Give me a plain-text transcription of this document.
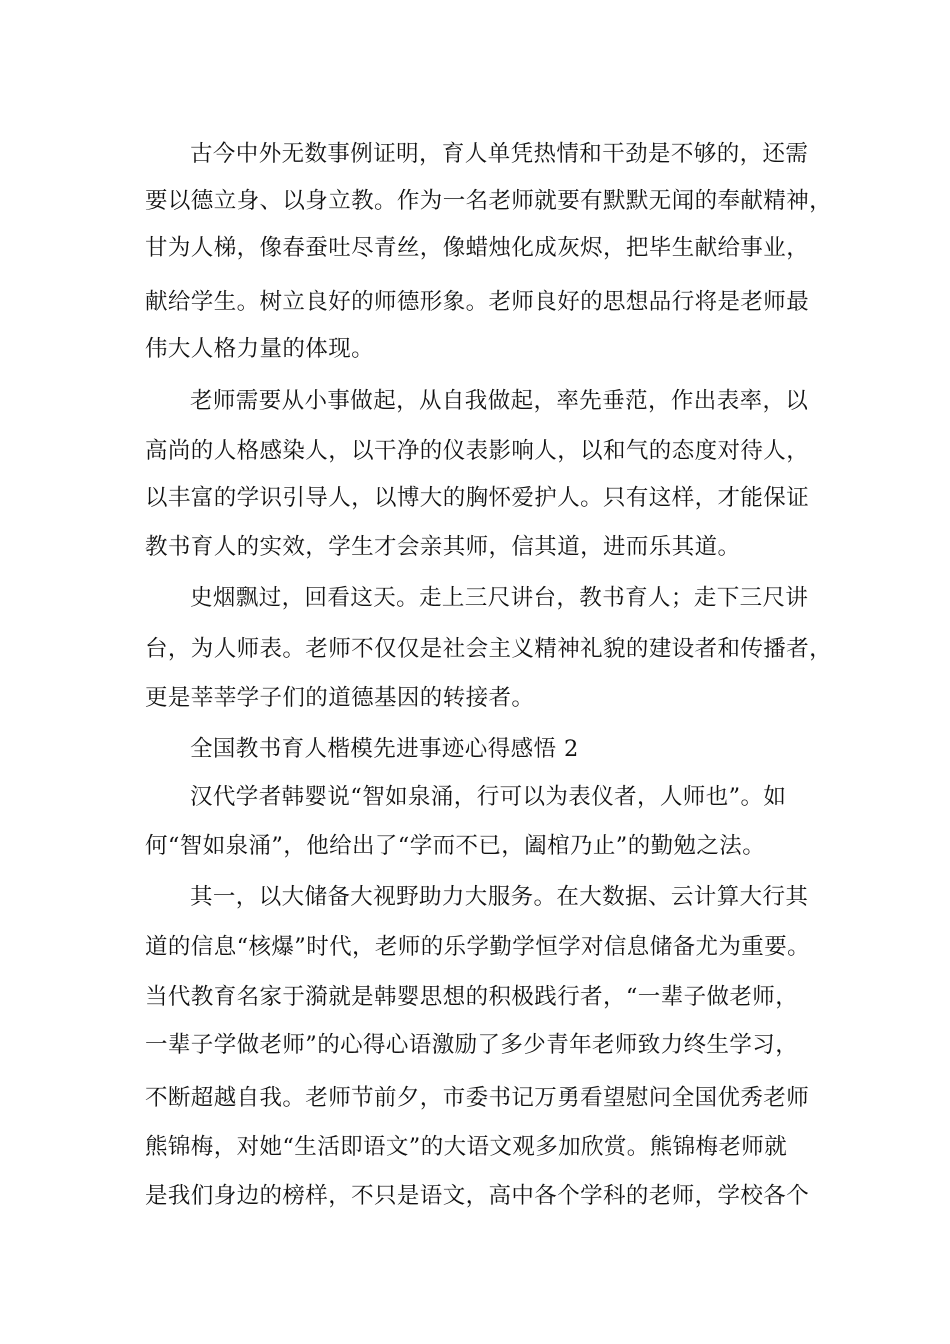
古今中外无数事例证明，育人单凭热情和干劲是不够的，还需
要以德立身、以身立教。作为一名老师就要有默默无闻的奉献精神，
甘为人梯，像春蚕吐尽青丝，像蜡烛化成灰烬，把毕生献给事业，
献给学生。树立良好的师德形象。老师良好的思想品行将是老师最
伟大人格力量的体现。
老师需要从小事做起，从自我做起，率先垂范，作出表率，以
高尚的人格感染人，以干净的仪表影响人，以和气的态度对待人，
以丰富的学识引导人，以博大的胸怀爱护人。只有这样，才能保证
教书育人的实效，学生才会亲其师，信其道，进而乐其道。
史烟飘过，回看这天。走上三尺讲台，教书育人；走下三尺讲
台，为人师表。老师不仅仅是社会主义精神礼貌的建设者和传播者，
更是莘莘学子们的道德基因的转接者。
全国教书育人楷模先进事迹心得感悟 2
汉代学者韩婴说“智如泉涌，行可以为表仪者，人师也”。如
何“智如泉涌”，他给出了“学而不已，阖棺乃止”的勤勉之法。
其一，以大储备大视野助力大服务。在大数据、云计算大行其
道的信息“核爆”时代，老师的乐学勤学恒学对信息储备尤为重要。
当代教育名家于漪就是韩婴思想的积极践行者，“一辈子做老师，
一辈子学做老师”的心得心语激励了多少青年老师致力终生学习，
不断超越自我。老师节前夕，市委书记万勇看望慰问全国优秀老师
熊锦梅，对她“生活即语文”的大语文观多加欣赏。熊锦梅老师就
是我们身边的榜样，不只是语文，高中各个学科的老师，学校各个
